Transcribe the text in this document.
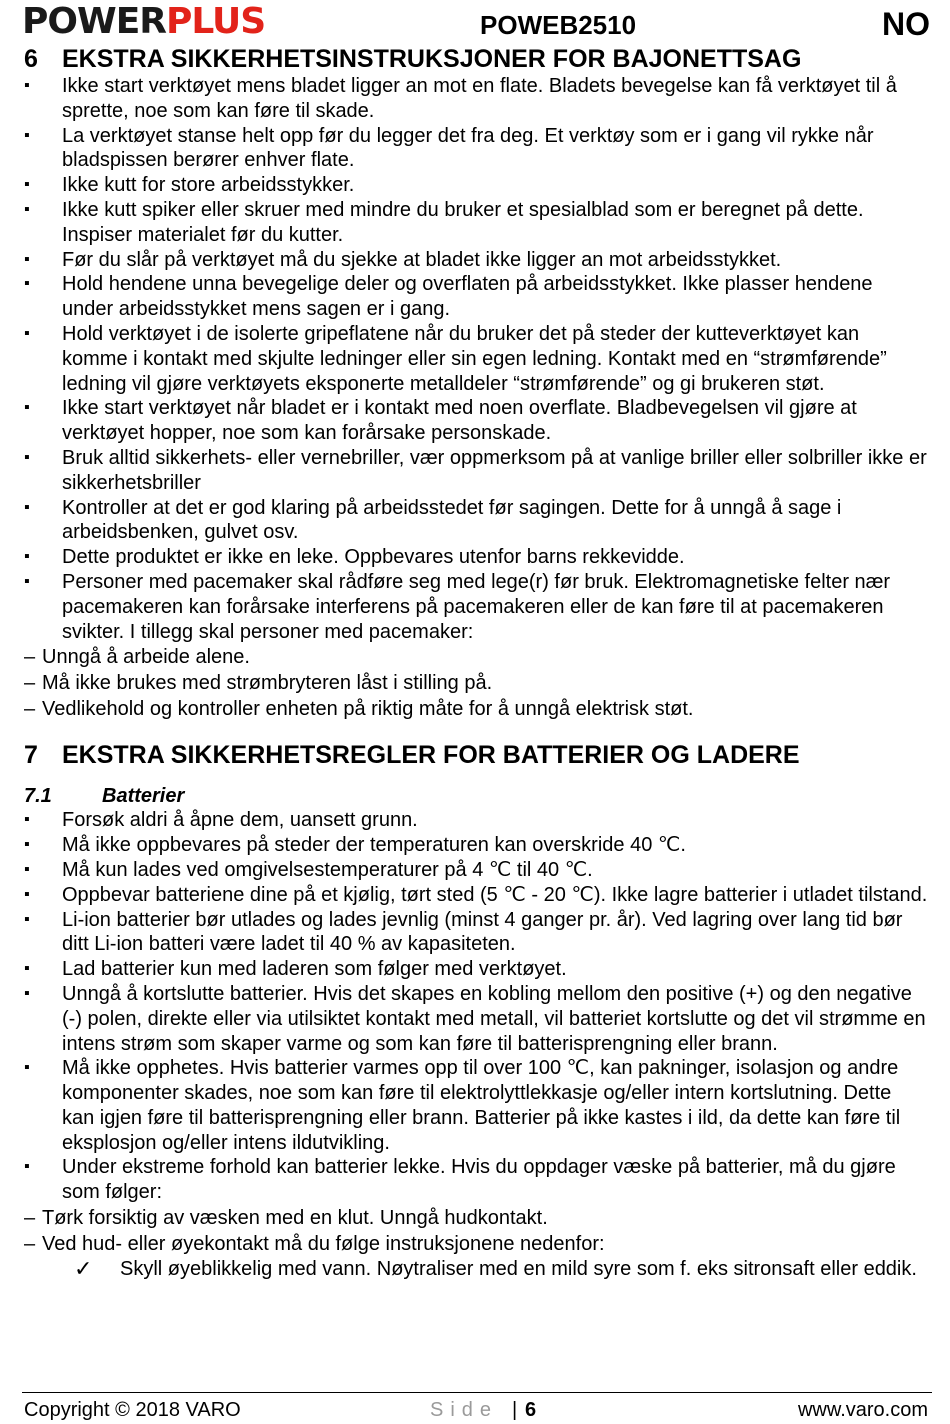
POWERPLUS	POWEB2510	NO
6 EKSTRA SIKKERHETSINSTRUKSJONER FOR BAJONETTSAG
▪ Ikke start verktøyet mens bladet ligger an mot en flate. Bladets bevegelse kan få verktøyet til å sprette, noe som kan føre til skade.
▪ La verktøyet stanse helt opp før du legger det fra deg. Et verktøy som er i gang vil rykke når bladspissen berører enhver flate.
▪ Ikke kutt for store arbeidsstykker.
▪ Ikke kutt spiker eller skruer med mindre du bruker et spesialblad som er beregnet på dette. Inspiser materialet før du kutter.
▪ Før du slår på verktøyet må du sjekke at bladet ikke ligger an mot arbeidsstykket.
▪ Hold hendene unna bevegelige deler og overflaten på arbeidsstykket. Ikke plasser hendene under arbeidsstykket mens sagen er i gang.
▪ Hold verktøyet i de isolerte gripeflatene når du bruker det på steder der kutteverktøyet kan komme i kontakt med skjulte ledninger eller sin egen ledning. Kontakt med en “strømførende” ledning vil gjøre verktøyets eksponerte metalldeler “strømførende” og gi brukeren støt.
▪ Ikke start verktøyet når bladet er i kontakt med noen overflate. Bladbevegelsen vil gjøre at verktøyet hopper, noe som kan forårsake personskade.
▪ Bruk alltid sikkerhets- eller vernebriller, vær oppmerksom på at vanlige briller eller solbriller ikke er sikkerhetsbriller
▪ Kontroller at det er god klaring på arbeidsstedet før sagingen. Dette for å unngå å sage i arbeidsbenken, gulvet osv.
▪ Dette produktet er ikke en leke. Oppbevares utenfor barns rekkevidde.
▪ Personer med pacemaker skal rådføre seg med lege(r) før bruk. Elektromagnetiske felter nær pacemakeren kan forårsake interferens på pacemakeren eller de kan føre til at pacemakeren svikter. I tillegg skal personer med pacemaker:
– Unngå å arbeide alene.
– Må ikke brukes med strømbryteren låst i stilling på.
– Vedlikehold og kontroller enheten på riktig måte for å unngå elektrisk støt.
7 EKSTRA SIKKERHETSREGLER FOR BATTERIER OG LADERE
7.1	Batterier
▪ Forsøk aldri å åpne dem, uansett grunn.
▪ Må ikke oppbevares på steder der temperaturen kan overskride 40 ℃.
▪ Må kun lades ved omgivelsestemperaturer på 4 ℃ til 40 ℃.
▪ Oppbevar batteriene dine på et kjølig, tørt sted (5 ℃ - 20 ℃). Ikke lagre batterier i utladet tilstand.
▪ Li-ion batterier bør utlades og lades jevnlig (minst 4 ganger pr. år). Ved lagring over lang tid bør ditt Li-ion batteri være ladet til 40 % av kapasiteten.
▪ Lad batterier kun med laderen som følger med verktøyet.
▪ Unngå å kortslutte batterier. Hvis det skapes en kobling mellom den positive (+) og den negative (-) polen, direkte eller via utilsiktet kontakt med metall, vil batteriet kortslutte og det vil strømme en intens strøm som skaper varme og som kan føre til batterisprengning eller brann.
▪ Må ikke opphetes. Hvis batterier varmes opp til over 100 ℃, kan pakninger, isolasjon og andre komponenter skades, noe som kan føre til elektrolyttlekkasje og/eller intern kortslutning. Dette kan igjen føre til batterisprengning eller brann. Batterier på ikke kastes i ild, da dette kan føre til eksplosjon og/eller intens ildutvikling.
▪ Under ekstreme forhold kan batterier lekke. Hvis du oppdager væske på batterier, må du gjøre som følger:
– Tørk forsiktig av væsken med en klut. Unngå hudkontakt.
– Ved hud- eller øyekontakt må du følge instruksjonene nedenfor:
✓ Skyll øyeblikkelig med vann. Nøytraliser med en mild syre som f. eks sitronsaft eller eddik.
Copyright © 2018 VARO	Side | 6	www.varo.com
